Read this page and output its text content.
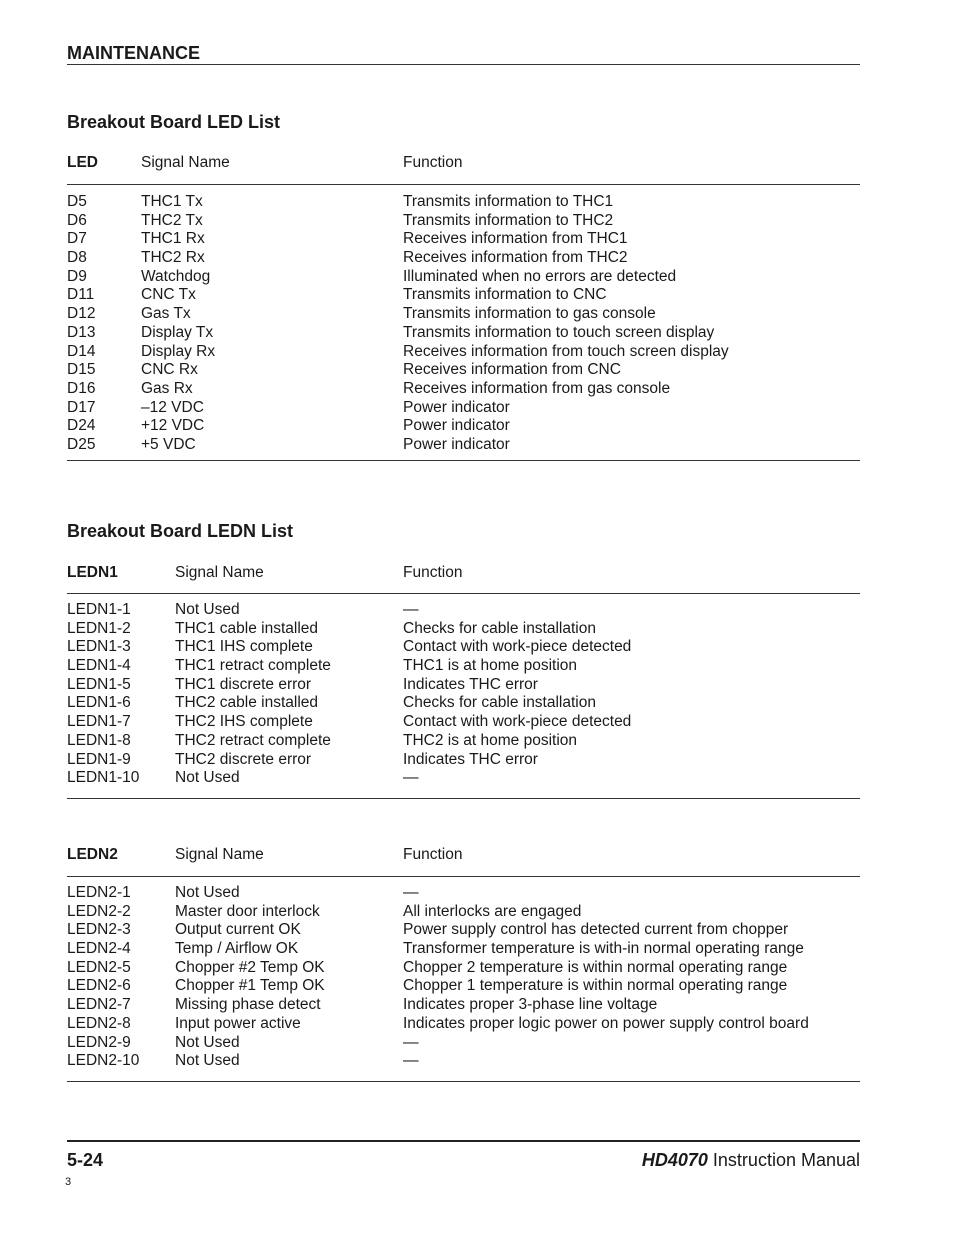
MAINTENANCE
Breakout Board LED List
LED	Signal Name	Function
D5	THC1 Tx	Transmits information to THC1
D6	THC2 Tx	Transmits information to THC2
D7	THC1 Rx	Receives information from THC1
D8	THC2 Rx	Receives information from THC2
D9	Watchdog	Illuminated when no errors are detected
D11	CNC Tx	Transmits information to CNC
D12	Gas Tx	Transmits information to gas console
D13	Display Tx	Transmits information to touch screen display
D14	Display Rx	Receives information from touch screen display
D15	CNC Rx	Receives information from CNC
D16	Gas Rx	Receives information from gas console
D17	–12 VDC	Power indicator
D24	+12 VDC	Power indicator
D25	+5 VDC	Power indicator
Breakout Board LEDN List
LEDN1	Signal Name	Function
LEDN1-1	Not Used	—
LEDN1-2	THC1 cable installed	Checks for cable installation
LEDN1-3	THC1 IHS complete	Contact with work-piece detected
LEDN1-4	THC1 retract complete	THC1 is at home position
LEDN1-5	THC1 discrete error	Indicates THC error
LEDN1-6	THC2 cable installed	Checks for cable installation
LEDN1-7	THC2 IHS complete	Contact with work-piece detected
LEDN1-8	THC2 retract complete	THC2 is at home position
LEDN1-9	THC2 discrete error	Indicates THC error
LEDN1-10 Not Used	—
LEDN2	Signal Name	Function
LEDN2-1	Not Used	—
LEDN2-2	Master door interlock	All interlocks are engaged
LEDN2-3	Output current OK	Power supply control has detected current from chopper
LEDN2-4	Temp / Airflow OK	Transformer temperature is with-in normal operating range
LEDN2-5	Chopper #2 Temp OK	Chopper 2 temperature is within normal operating range
LEDN2-6	Chopper #1 Temp OK	Chopper 1 temperature is within normal operating range
LEDN2-7	Missing phase detect	Indicates proper 3-phase line voltage
LEDN2-8	Input power active	Indicates proper logic power on power supply control board
LEDN2-9	Not Used	—
LEDN2-10 Not Used	—
5-24	HD4070 Instruction Manual
3
